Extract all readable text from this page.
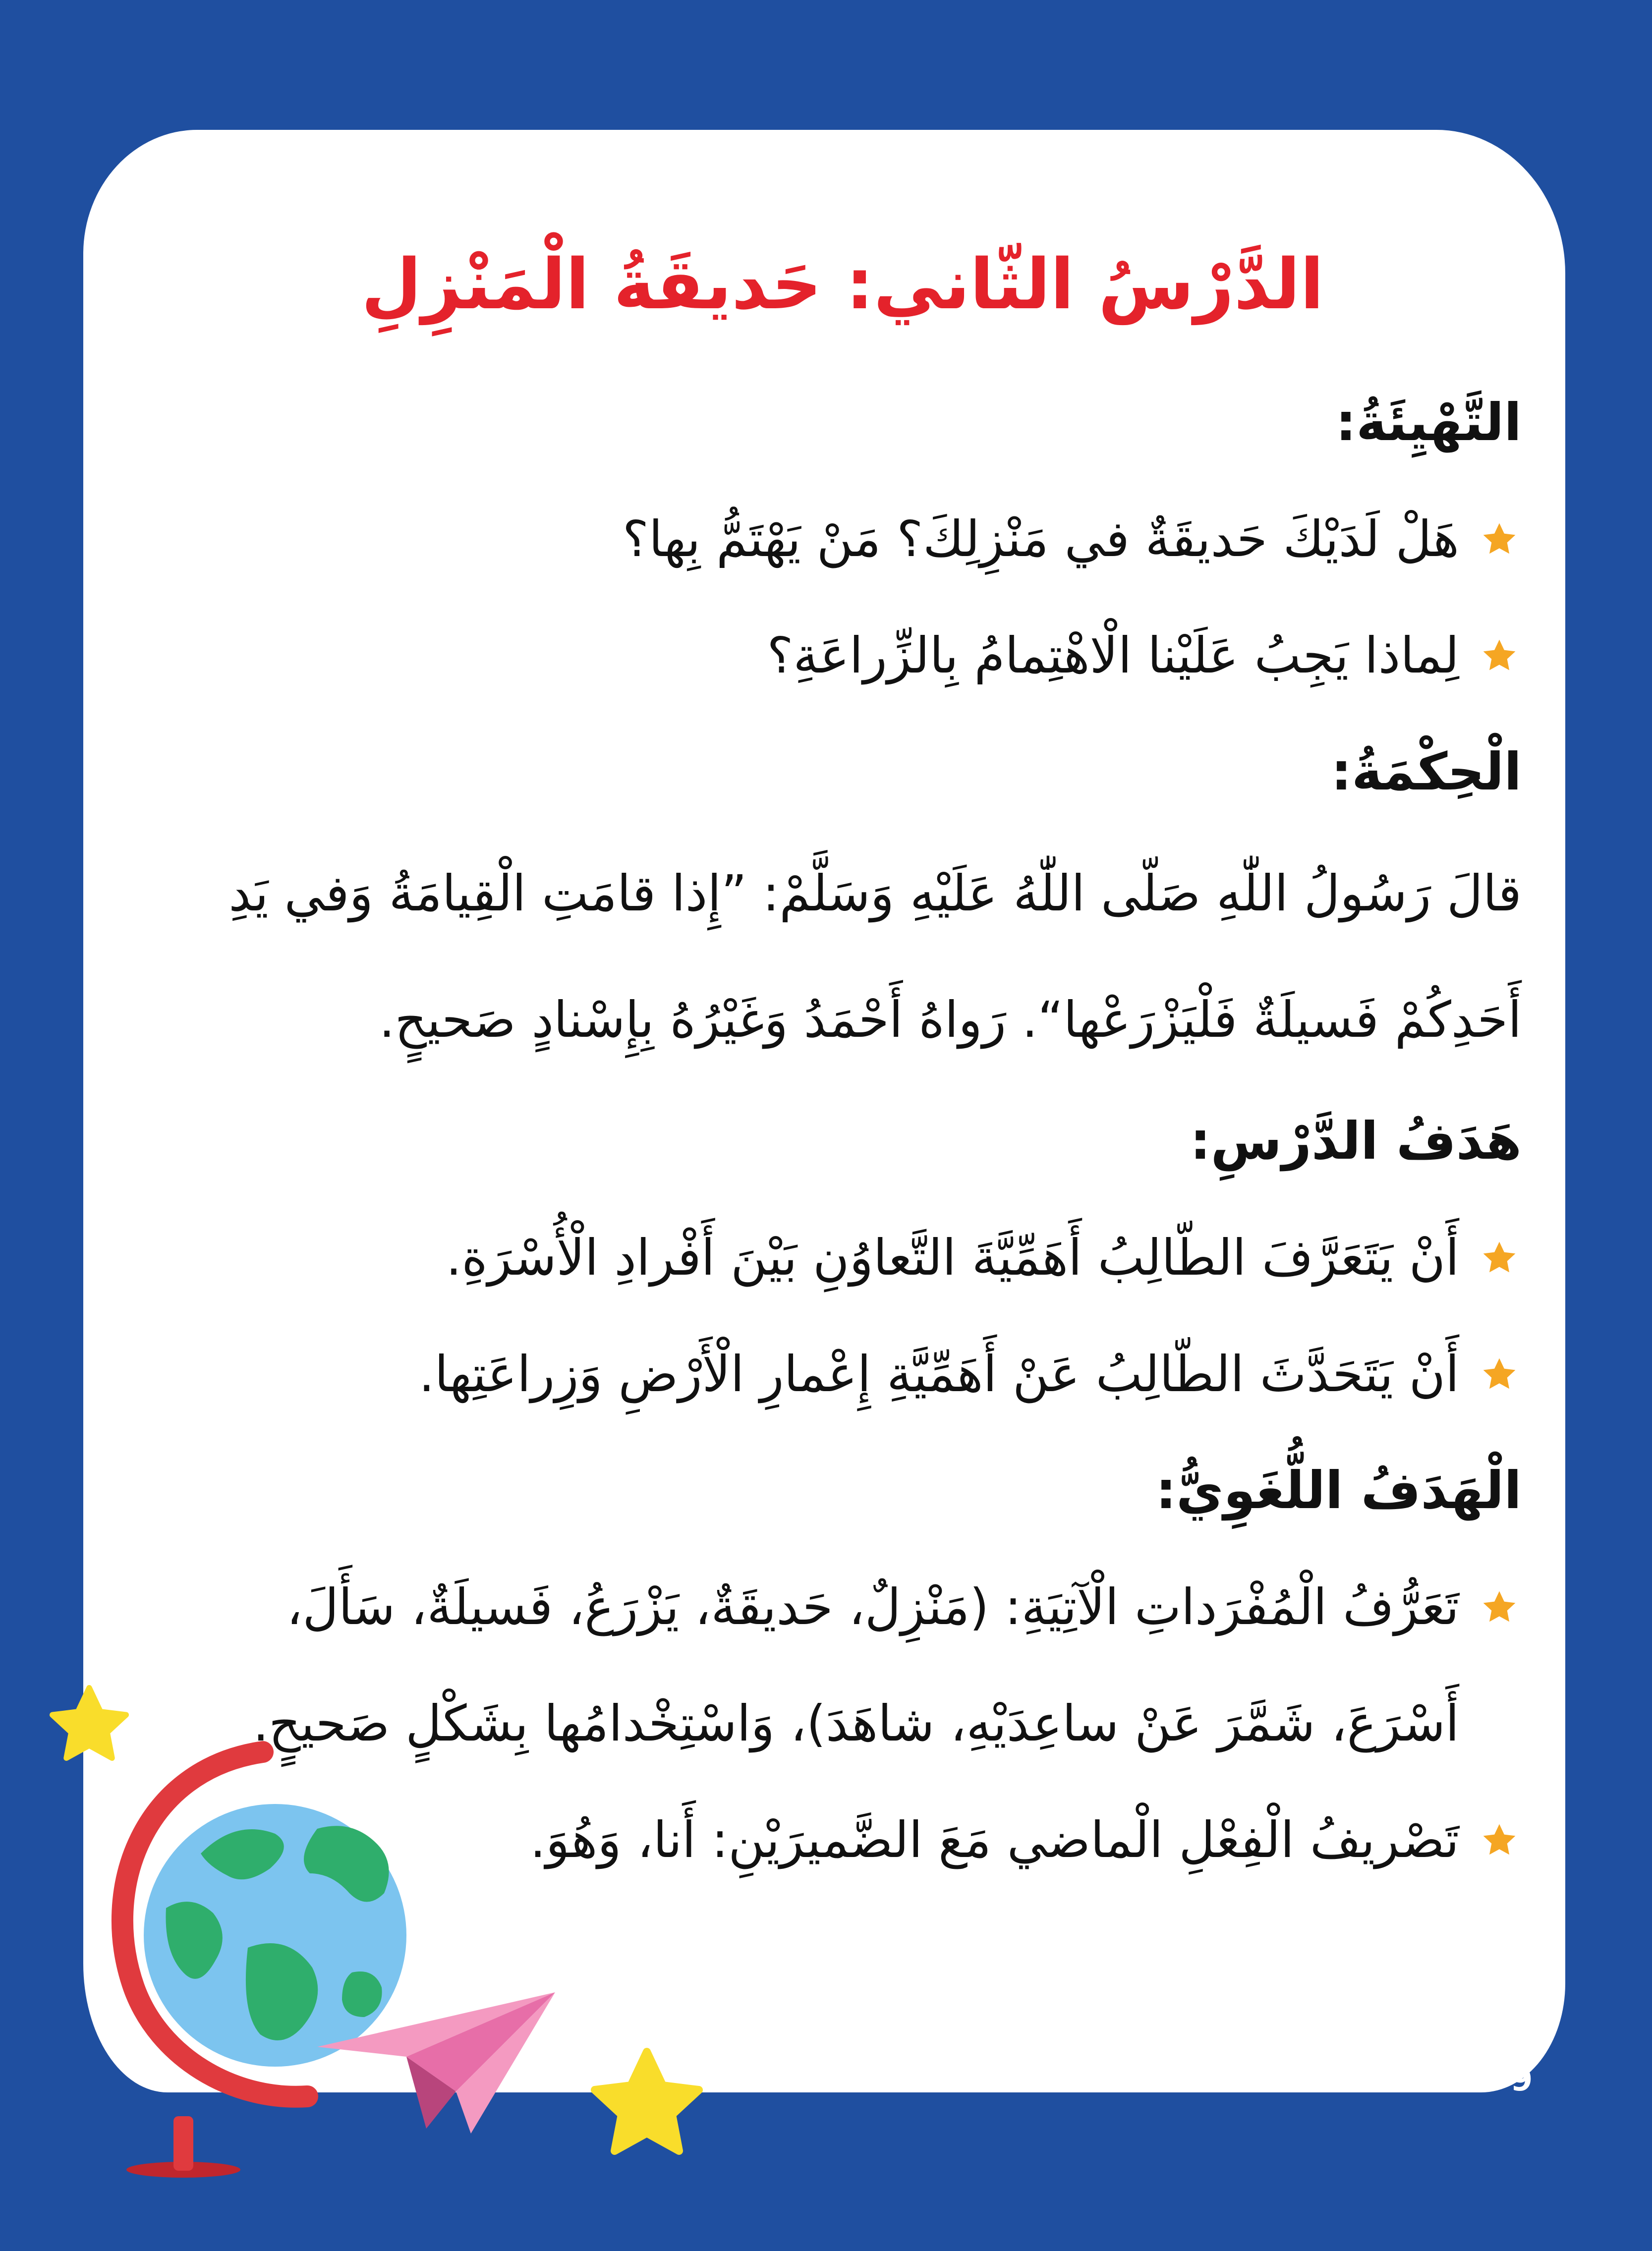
الدَّرْسُ الثّاني: حَديقَةُ الْمَنْزِلِ
التَّهْيِئَةُ:
هَلْ لَدَيْكَ حَديقَةٌ في مَنْزِلِكَ؟ مَنْ يَهْتَمُّ بِها؟
لِماذا يَجِبُ عَلَيْنا الْاهْتِمامُ بِالزِّراعَةِ؟
الْحِكْمَةُ:
قالَ رَسُولُ اللّٰهِ صَلّى اللّٰهُ عَلَيْهِ وَسَلَّمْ: ”إِذا قامَتِ الْقِيامَةُ وَفي يَدِ أَحَدِكُمْ فَسيلَةٌ فَلْيَزْرَعْها“. رَواهُ أَحْمَدُ وَغَيْرُهُ بِإِسْنادٍ صَحيحٍ.
هَدَفُ الدَّرْسِ:
أَنْ يَتَعَرَّفَ الطّالِبُ أَهَمِّيَّةَ التَّعاوُنِ بَيْنَ أَفْرادِ الْأُسْرَةِ.
أَنْ يَتَحَدَّثَ الطّالِبُ عَنْ أَهَمِّيَّةِ إِعْمارِ الْأَرْضِ وَزِراعَتِها.
الْهَدَفُ اللُّغَوِيُّ:
تَعَرُّفُ الْمُفْرَداتِ الْآتِيَةِ: (مَنْزِلٌ، حَديقَةٌ، يَزْرَعُ، فَسيلَةٌ، سَأَلَ، أَسْرَعَ، شَمَّرَ عَنْ ساعِدَيْهِ، شاهَدَ)، وَاسْتِخْدامُها بِشَكْلٍ صَحيحٍ.
تَصْريفُ الْفِعْلِ الْماضي مَعَ الضَّميرَيْنِ: أَنا، وَهُوَ.
9
